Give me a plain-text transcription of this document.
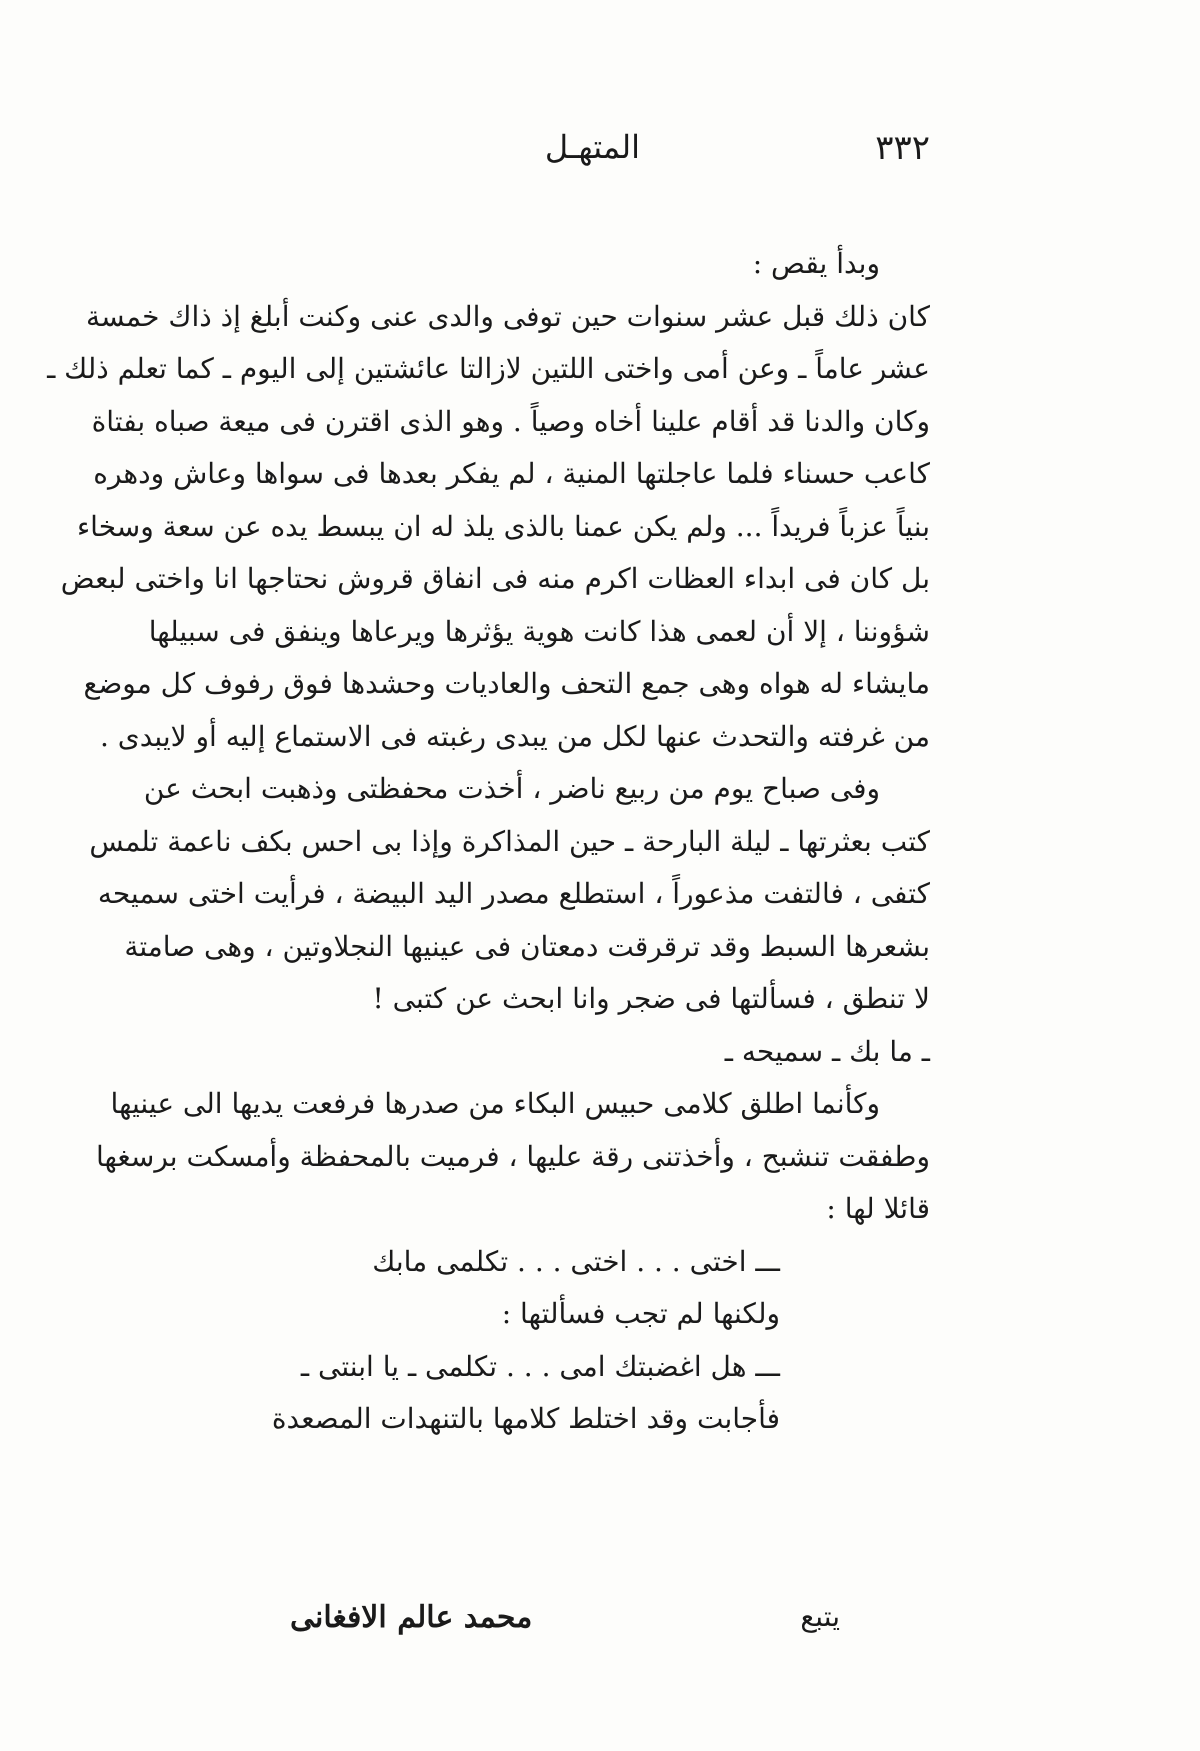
٣٣٢
المتهـل
وبدأ يقص :
كان ذلك قبل عشر سنوات حين توفى والدى عنى وكنت أبلغ إذ ذاك خمسة
عشر عاماً ـ وعن أمى واختى اللتين لازالتا عائشتين إلى اليوم ـ كما تعلم ذلك ـ
وكان والدنا قد أقام علينا أخاه وصياً . وهو الذى اقترن فى ميعة صباه بفتاة
كاعب حسناء فلما عاجلتها المنية ، لم يفكر بعدها فى سواها وعاش ودهره
بنياً عزباً فريداً ... ولم يكن عمنا بالذى يلذ له ان يبسط يده عن سعة وسخاء
بل كان فى ابداء العظات اكرم منه فى انفاق قروش نحتاجها انا واختى لبعض
شؤوننا ، إلا أن لعمى هذا كانت هوية يؤثرها ويرعاها وينفق فى سبيلها
مايشاء له هواه وهى جمع التحف والعاديات وحشدها فوق رفوف كل موضع
من غرفته والتحدث عنها لكل من يبدى رغبته فى الاستماع إليه أو لايبدى .
وفى صباح يوم من ربيع ناضر ، أخذت محفظتى وذهبت ابحث عن
كتب بعثرتها ـ ليلة البارحة ـ حين المذاكرة وإذا بى احس بكف ناعمة تلمس
كتفى ، فالتفت مذعوراً ، استطلع مصدر اليد البيضة ، فرأيت اختى سميحه
بشعرها السبط وقد ترقرقت دمعتان فى عينيها النجلاوتين ، وهى صامتة
لا تنطق ، فسألتها فى ضجر وانا ابحث عن كتبى !
ـ ما بك ـ سميحه ـ
وكأنما اطلق كلامى حبيس البكاء من صدرها فرفعت يديها الى عينيها
وطفقت تنشبح ، وأخذتنى رقة عليها ، فرميت بالمحفظة وأمسكت برسغها
قائلا لها :
ـــ اختى . . . اختى . . . تكلمى مابك
ولكنها لم تجب فسألتها :
ـــ هل اغضبتك امى . . . تكلمى ـ يا ابنتى ـ
فأجابت وقد اختلط كلامها بالتنهدات المصعدة
يتبع
محمد عالم الافغانى
